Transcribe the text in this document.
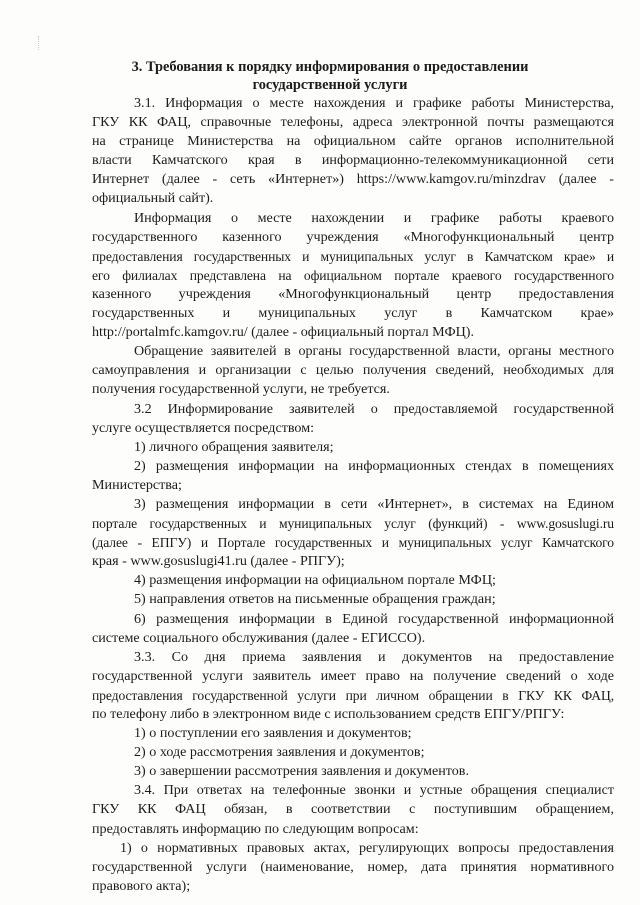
3. Требования к порядку информирования о предоставлении
государственной услуги

3.1. Информация о месте нахождения и графике работы Министерства,

ГКУ КК ФАЦ, справочные телефоны, адреса электронной почты размещаются

на странице Министерства на официальном сайте органов исполнительной

власти Камчатского края в информационно-телекоммуникационной сети

Интернет (далее - сеть «Интернет») https://www.kamgov.ru/minzdrav (далее -

официальный сайт).

Информация о месте нахождении и графике работы краевого

государственного казенного учреждения «Многофункциональный центр

предоставления государственных и муниципальных услуг в Камчатском крае» и

его филиалах представлена на официальном портале краевого государственного

казенного учреждения «Многофункциональный центр предоставления

государственных и муниципальных услуг в Камчатском крае»

http://portalmfc.kamgov.ru/ (далее - официальный портал МФЦ).

Обращение заявителей в органы государственной власти, органы местного

самоуправления и организации с целью получения сведений, необходимых для

получения государственной услуги, не требуется.

3.2 Информирование заявителей о предоставляемой государственной

услуге осуществляется посредством:

1) личного обращения заявителя;

2) размещения информации на информационных стендах в помещениях

Министерства;

3) размещения информации в сети «Интернет», в системах на Едином

портале государственных и муниципальных услуг (функций) - www.gosuslugi.ru

(далее - ЕПГУ) и Портале государственных и муниципальных услуг Камчатского

края - www.gosuslugi41.ru (далее - РПГУ);

4) размещения информации на официальном портале МФЦ;

5) направления ответов на письменные обращения граждан;

6) размещения информации в Единой государственной информационной

системе социального обслуживания (далее - ЕГИССО).

3.3. Со дня приема заявления и документов на предоставление

государственной услуги заявитель имеет право на получение сведений о ходе

предоставления государственной услуги при личном обращении в ГКУ КК ФАЦ,

по телефону либо в электронном виде с использованием средств ЕПГУ/РПГУ:

1) о поступлении его заявления и документов;

2) о ходе рассмотрения заявления и документов;

3) о завершении рассмотрения заявления и документов.

3.4. При ответах на телефонные звонки и устные обращения специалист

ГКУ КК ФАЦ обязан, в соответствии с поступившим обращением,

предоставлять информацию по следующим вопросам:

1) о нормативных правовых актах, регулирующих вопросы предоставления

государственной услуги (наименование, номер, дата принятия нормативного

правового акта);
